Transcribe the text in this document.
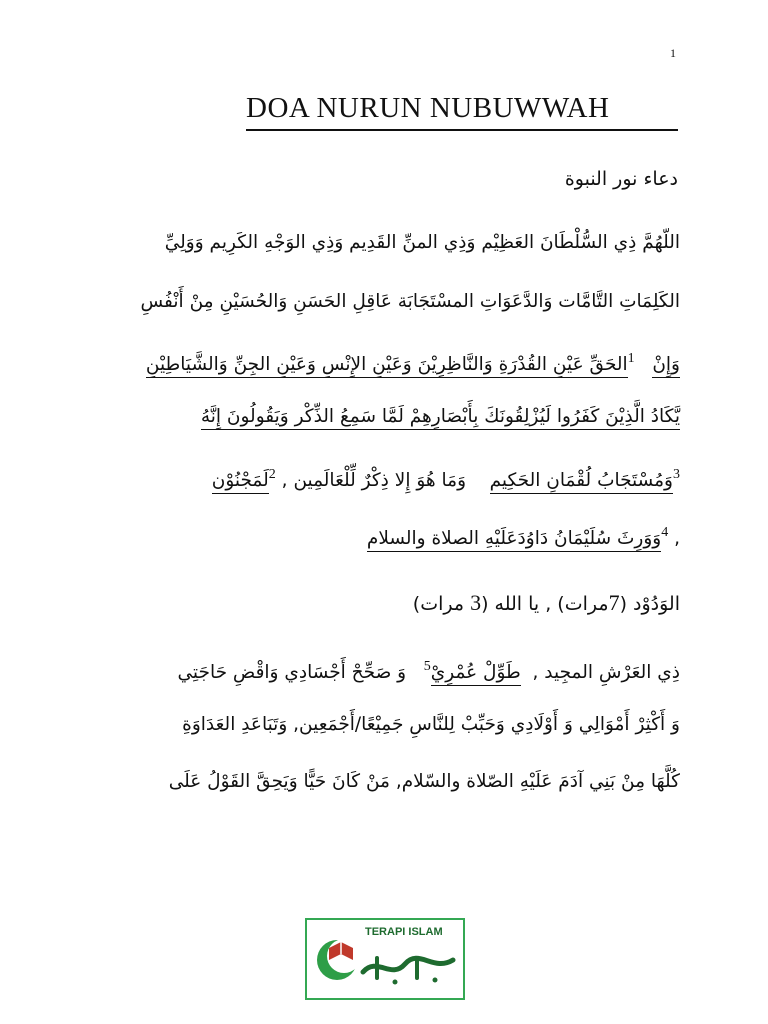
1
DOA NURUN NUBUWWAH
دعاء نور النبوة
اللّهُمَّ ذِي السُّلْطَانَ العَظِيْم وَذِي المنِّ القَدِيم وَذِي الوَجْهِ الكَرِيم وَوَلِيِّ
الكَلِمَاتِ التَّامَّات وَالدَّعَوَاتِ المسْتَجَابَة عَاقِلِ الحَسَنِ وَالحُسَيْنِ مِنْ أَنْفُسِ
وَإِنْ   $^1$الحَقِّ عَيْنِ القُدْرَةِ وَالنَّاظِرِيْنَ وَعَيْنِ الإِنْسِ وَعَيْنِ الجِنِّ وَالشَّيَاطِيْنِ
يَّكَادُ الَّذِيْنَ كَفَرُوا لَيُزْلِقُونَكَ بِأَبْصَارِهِمْ لَمَّا سَمِعُ الذِّكْر وَيَقُولُونَ إِنَّهُ
$^3$وَمُسْتَجَابُ لُقْمَانِ الحَكِيم    وَمَا هُوَ إِلا ذِكْرٌ لِّلْعَالَمِين , $^2$لَمَجْنُوْن
, $^4$وَوَرِثَ سُلَيْمَانُ دَاوُدَعَلَيْهِ الصلاة والسلام
الوَدُوْد (7مرات) , يا الله (3 مرات)
ذِي العَرْشِ المجِيد ,  طَوِّلْ عُمْرِيْ$^5$   وَ صَحِّحْ أَجْسَادِي وَاقْضِ حَاجَتِي
وَ أَكْثِرْ أَمْوَالِي وَ أَوْلَادِي وَحَبِّبْ لِلنَّاسِ جَمِيْعًا/أَجْمَعِين, وَتَبَاعَدِ العَدَاوَةِ
كُلَّهَا مِنْ بَنِي آدَمَ عَلَيْهِ الصّلاة والسّلام, مَنْ كَانَ حَيًّا وَيَحِقَّ القَوْلُ عَلَى
TERAPI ISLAM
